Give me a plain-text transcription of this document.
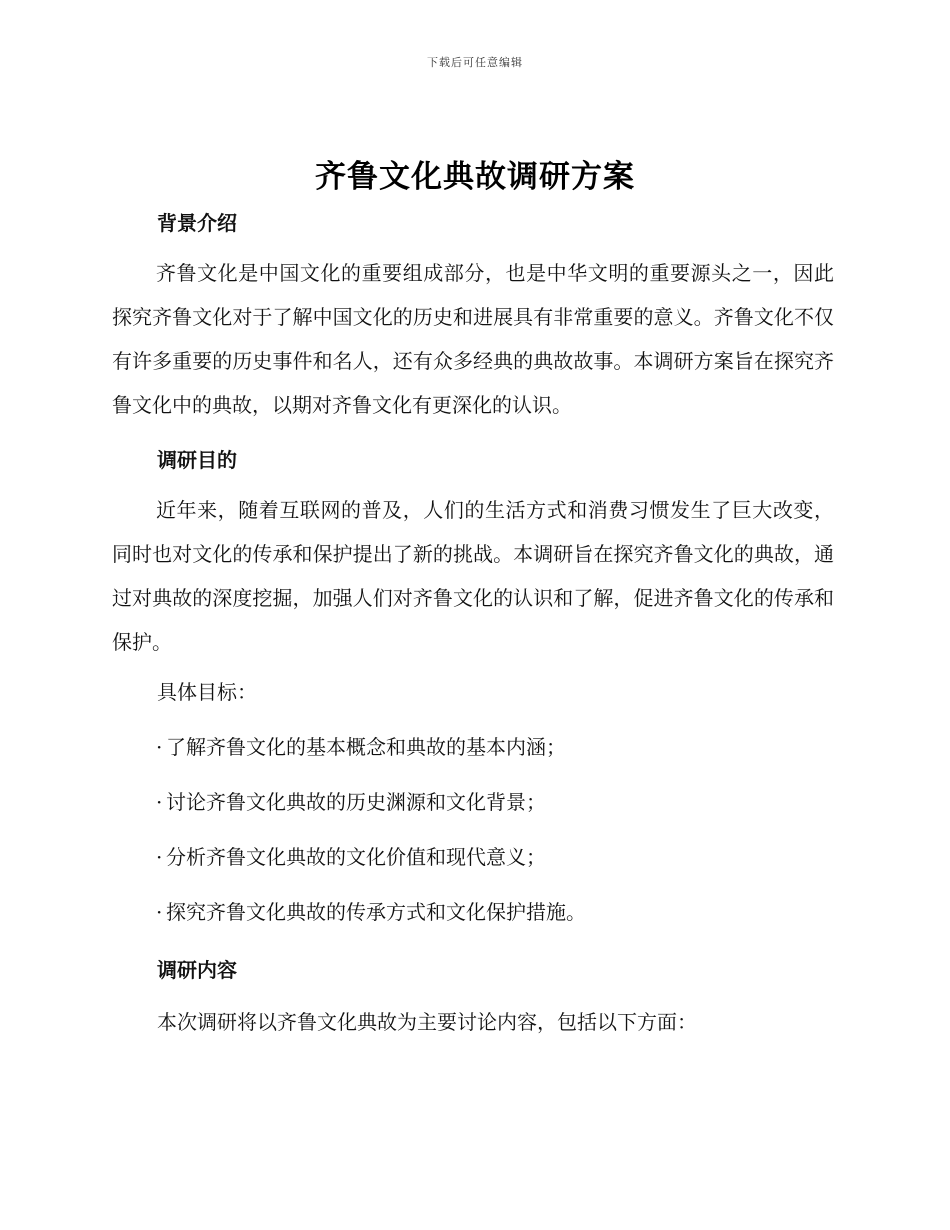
下载后可任意编辑
齐鲁文化典故调研方案
背景介绍
齐鲁文化是中国文化的重要组成部分，也是中华文明的重要源头之一，因此探究齐鲁文化对于了解中国文化的历史和进展具有非常重要的意义。齐鲁文化不仅有许多重要的历史事件和名人，还有众多经典的典故故事。本调研方案旨在探究齐鲁文化中的典故，以期对齐鲁文化有更深化的认识。
调研目的
近年来，随着互联网的普及，人们的生活方式和消费习惯发生了巨大改变，同时也对文化的传承和保护提出了新的挑战。本调研旨在探究齐鲁文化的典故，通过对典故的深度挖掘，加强人们对齐鲁文化的认识和了解，促进齐鲁文化的传承和保护。
具体目标：
· 了解齐鲁文化的基本概念和典故的基本内涵；
· 讨论齐鲁文化典故的历史渊源和文化背景；
· 分析齐鲁文化典故的文化价值和现代意义；
· 探究齐鲁文化典故的传承方式和文化保护措施。
调研内容
本次调研将以齐鲁文化典故为主要讨论内容，包括以下方面：
